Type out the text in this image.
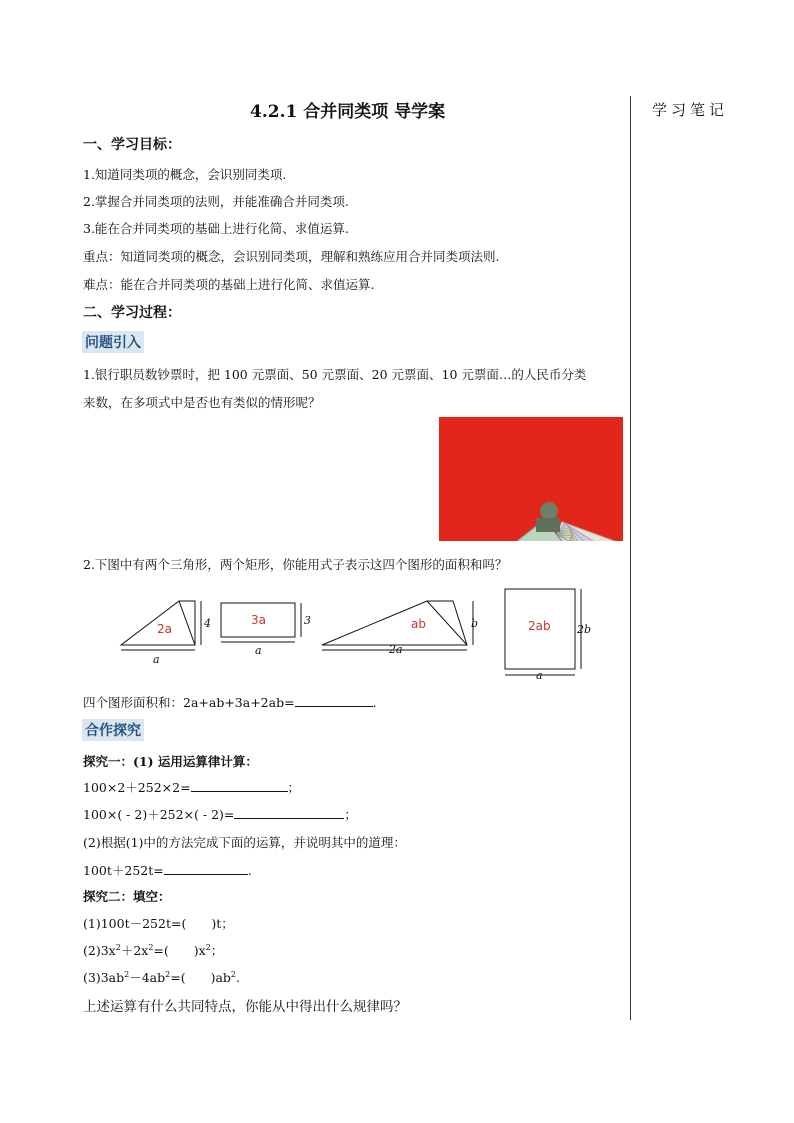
学习笔记
4.2.1 合并同类项 导学案
一、学习目标：
1.知道同类项的概念，会识别同类项.
2.掌握合并同类项的法则，并能准确合并同类项.
3.能在合并同类项的基础上进行化简、求值运算.
重点：知道同类项的概念，会识别同类项，理解和熟练应用合并同类项法则.
难点：能在合并同类项的基础上进行化简、求值运算.
二、学习过程：
问题引入
1.银行职员数钞票时，把 100 元票面、50 元票面、20 元票面、10 元票面…的人民币分类
来数，在多项式中是否也有类似的情形呢？
2.下图中有两个三角形，两个矩形，你能用式子表示这四个图形的面积和吗？
2a	4
a
3a	3
a
ab	b
2a
2ab 2b
a
四个图形面积和：2a+ab+3a+2ab=	.
合作探究
探究一：(1) 运用运算律计算：
100×2＋252×2=	；
100×( - 2)＋252×( - 2)=	；
(2)根据(1)中的方法完成下面的运算，并说明其中的道理：
100t＋252t=	.
探究二：填空：
(1)100t－252t=(　　)t；
$(2)3x^2+2x^2=$(　　)$x^2$；
$(3)3ab^2-4ab^2=$(　　)$ab^2$.
上述运算有什么共同特点，你能从中得出什么规律吗？
